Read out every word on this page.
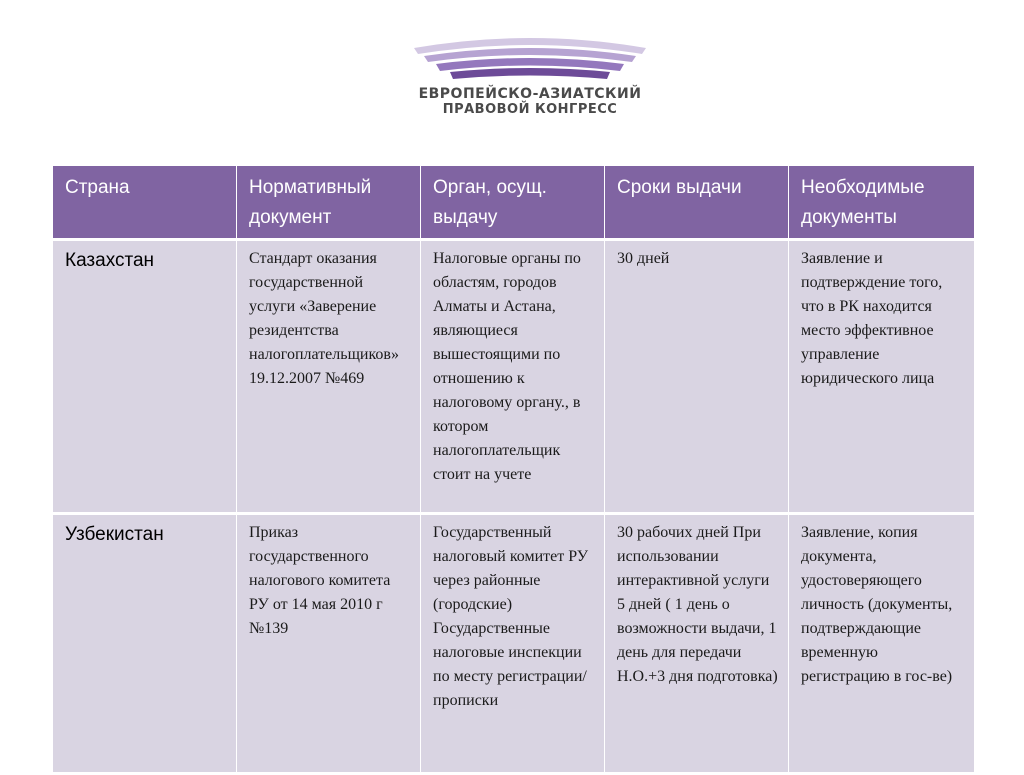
ЕВРОПЕЙСКО-АЗИАТСКИЙ
ПРАВОВОЙ КОНГРЕСС
Страна	Нормативный документ	Орган, осущ. выдачу	Сроки выдачи	Необходимые документы
Казахстан	Стандарт оказания государственной услуги «Заверение резидентства налогоплательщиков» 19.12.2007 №469	Налоговые органы по областям, городов Алматы и Астана, являющиеся вышестоящими по отношению к налоговому органу., в котором налогоплательщик стоит на учете	30 дней	Заявление и подтверждение того, что в РК находится место эффективное управление юридического лица
Узбекистан	Приказ государственного налогового комитета РУ от 14 мая 2010 г №139	Государственный налоговый комитет РУ через районные (городские) Государственные налоговые инспекции по месту регистрации/ прописки	30 рабочих дней При использовании интерактивной услуги 5 дней ( 1 день о возможности выдачи, 1 день для передачи Н.О.+3 дня подготовка)	Заявление, копия документа, удостоверяющего личность (документы, подтверждающие временную регистрацию в гос-ве)
